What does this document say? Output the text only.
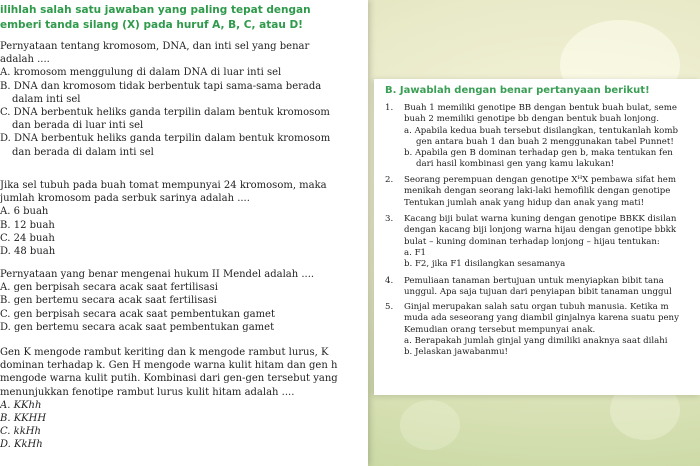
ilihlah salah satu jawaban yang paling tepat dengan
emberi tanda silang (X) pada huruf A, B, C, atau D!
Pernyataan tentang kromosom, DNA, dan inti sel yang benar
adalah ....
A. kromosom menggulung di dalam DNA di luar inti sel
B. DNA dan kromosom tidak berbentuk tapi sama-sama berada
dalam inti sel
C. DNA berbentuk heliks ganda terpilin dalam bentuk kromosom
dan berada di luar inti sel
D. DNA berbentuk heliks ganda terpilin dalam bentuk kromosom
dan berada di dalam inti sel
Jika sel tubuh pada buah tomat mempunyai 24 kromosom, maka
jumlah kromosom pada serbuk sarinya adalah ....
A. 6 buah
B. 12 buah
C. 24 buah
D. 48 buah
Pernyataan yang benar mengenai hukum II Mendel adalah ....
A. gen berpisah secara acak saat fertilisasi
B. gen bertemu secara acak saat fertilisasi
C. gen berpisah secara acak saat pembentukan gamet
D. gen bertemu secara acak saat pembentukan gamet
Gen K mengode rambut keriting dan k mengode rambut lurus, K
dominan terhadap k. Gen H mengode warna kulit hitam dan gen h
mengode warna kulit putih. Kombinasi dari gen-gen tersebut yang
menunjukkan fenotipe rambut lurus kulit hitam adalah ....
A. KKhh
B. KKHH
C. kkHh
D. KkHh
B. Jawablah dengan benar pertanyaan berikut!
1.	Buah 1 memiliki genotipe BB dengan bentuk buah bulat, seme
buah 2 memiliki genotipe bb dengan bentuk buah lonjong.
a. Apabila kedua buah tersebut disilangkan, tentukanlah komb
gen antara buah 1 dan buah 2 menggunakan tabel Punnet!
b. Apabila gen B dominan terhadap gen b, maka tentukan fen
dari hasil kombinasi gen yang kamu lakukan!
2.	Seorang perempuan dengan genotipe XᴴX pembawa sifat hem
menikah dengan seorang laki-laki hemofilik dengan genotipe
Tentukan jumlah anak yang hidup dan anak yang mati!
3.	Kacang biji bulat warna kuning dengan genotipe BBKK disilan
dengan kacang biji lonjong warna hijau dengan genotipe bbkk
bulat – kuning dominan terhadap lonjong – hijau tentukan:
a. F1
b. F2, jika F1 disilangkan sesamanya
4.	Pemuliaan tanaman bertujuan untuk menyiapkan bibit tana
unggul. Apa saja tujuan dari penyiapan bibit tanaman unggul
5.	Ginjal merupakan salah satu organ tubuh manusia. Ketika m
muda ada seseorang yang diambil ginjalnya karena suatu peny
Kemudian orang tersebut mempunyai anak.
a. Berapakah jumlah ginjal yang dimiliki anaknya saat dilahi
b. Jelaskan jawabanmu!
